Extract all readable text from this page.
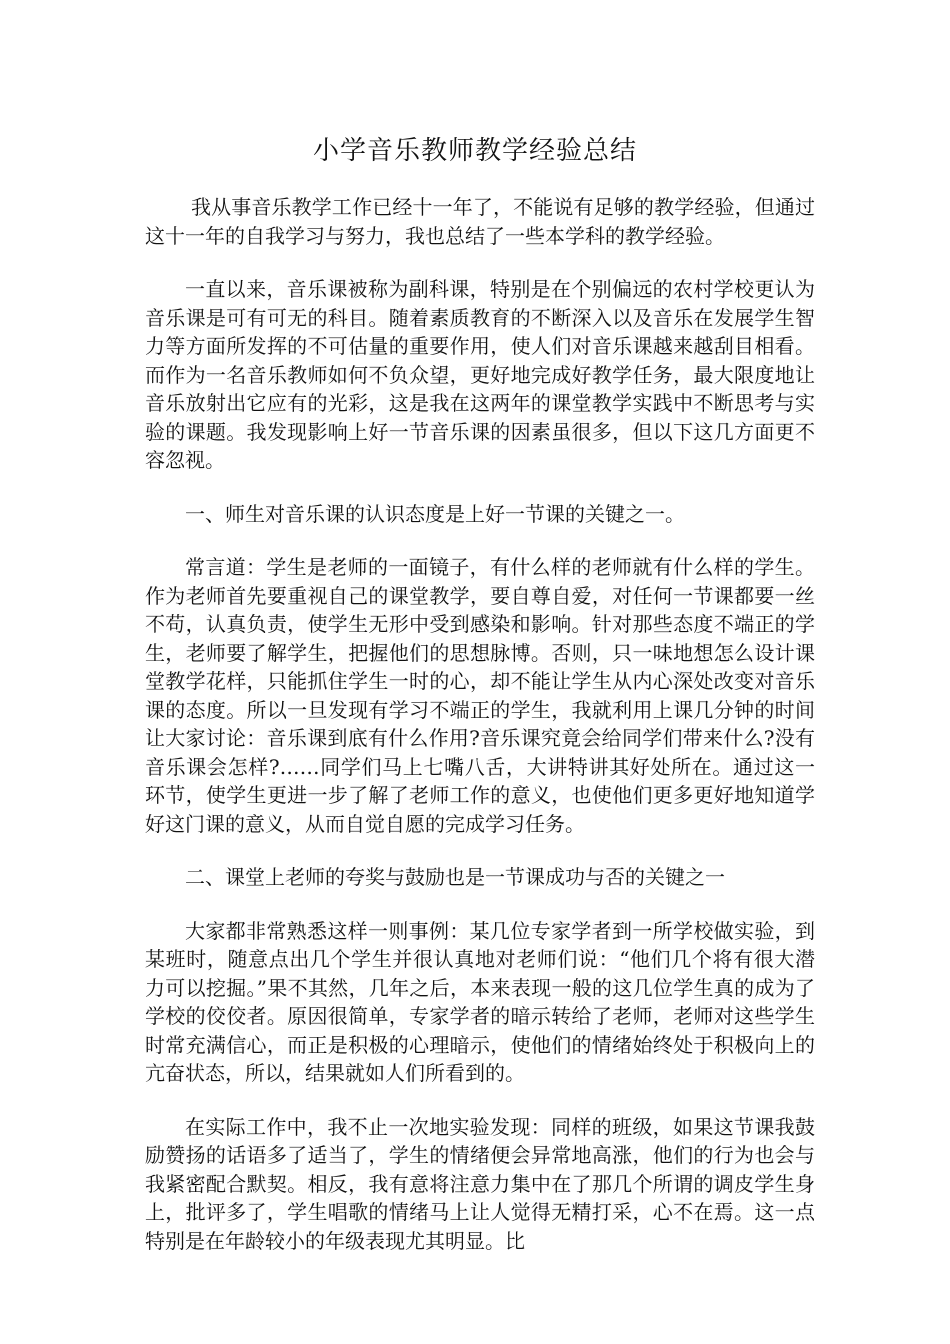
小学音乐教师教学经验总结

我从事音乐教学工作已经十一年了，不能说有足够的教学经验，但通过这十一年的自我学习与努力，我也总结了一些本学科的教学经验。

一直以来，音乐课被称为副科课，特别是在个别偏远的农村学校更认为音乐课是可有可无的科目。随着素质教育的不断深入以及音乐在发展学生智力等方面所发挥的不可估量的重要作用，使人们对音乐课越来越刮目相看。而作为一名音乐教师如何不负众望，更好地完成好教学任务，最大限度地让音乐放射出它应有的光彩，这是我在这两年的课堂教学实践中不断思考与实验的课题。我发现影响上好一节音乐课的因素虽很多，但以下这几方面更不容忽视。

一、师生对音乐课的认识态度是上好一节课的关键之一。

常言道：学生是老师的一面镜子，有什么样的老师就有什么样的学生。作为老师首先要重视自己的课堂教学，要自尊自爱，对任何一节课都要一丝不苟，认真负责，使学生无形中受到感染和影响。针对那些态度不端正的学生，老师要了解学生，把握他们的思想脉博。否则，只一味地想怎么设计课堂教学花样，只能抓住学生一时的心，却不能让学生从内心深处改变对音乐课的态度。所以一旦发现有学习不端正的学生，我就利用上课几分钟的时间让大家讨论：音乐课到底有什么作用?音乐课究竟会给同学们带来什么?没有音乐课会怎样?……同学们马上七嘴八舌，大讲特讲其好处所在。通过这一环节，使学生更进一步了解了老师工作的意义，也使他们更多更好地知道学好这门课的意义，从而自觉自愿的完成学习任务。

二、课堂上老师的夸奖与鼓励也是一节课成功与否的关键之一

大家都非常熟悉这样一则事例：某几位专家学者到一所学校做实验，到某班时，随意点出几个学生并很认真地对老师们说：“他们几个将有很大潜力可以挖掘。”果不其然，几年之后，本来表现一般的这几位学生真的成为了学校的佼佼者。原因很简单，专家学者的暗示转给了老师，老师对这些学生时常充满信心，而正是积极的心理暗示，使他们的情绪始终处于积极向上的亢奋状态，所以，结果就如人们所看到的。

在实际工作中，我不止一次地实验发现：同样的班级，如果这节课我鼓励赞扬的话语多了适当了，学生的情绪便会异常地高涨，他们的行为也会与我紧密配合默契。相反，我有意将注意力集中在了那几个所谓的调皮学生身上，批评多了，学生唱歌的情绪马上让人觉得无精打采，心不在焉。这一点特别是在年龄较小的年级表现尤其明显。比
